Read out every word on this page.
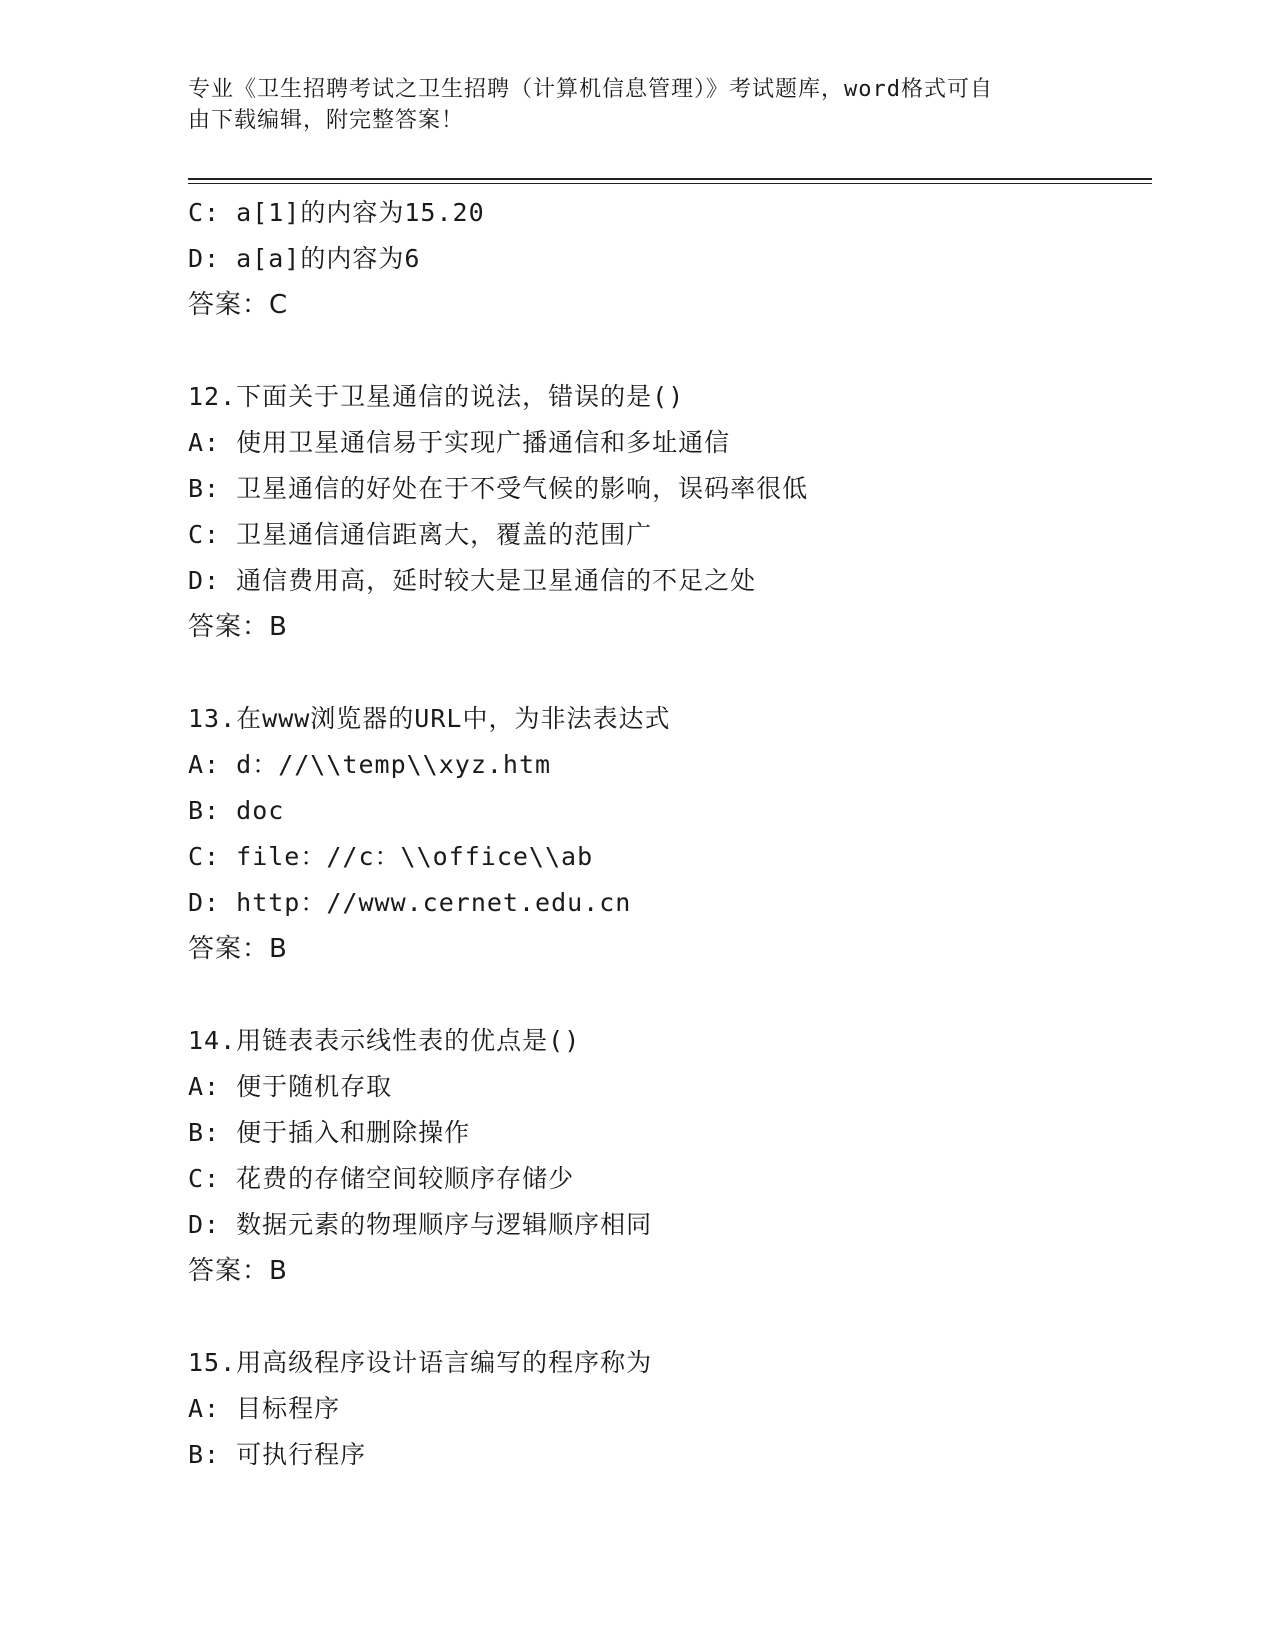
专业《卫生招聘考试之卫生招聘（计算机信息管理）》考试题库，word格式可自
由下载编辑，附完整答案！
C: a[1]的内容为15.20
D: a[a]的内容为6
答案：C
12.下面关于卫星通信的说法，错误的是()
A: 使用卫星通信易于实现广播通信和多址通信
B: 卫星通信的好处在于不受气候的影响，误码率很低
C: 卫星通信通信距离大，覆盖的范围广
D: 通信费用高，延时较大是卫星通信的不足之处
答案：B
13.在www浏览器的URL中，为非法表达式
A: d：//\\temp\\xyz.htm
B: doc
C: file：//c：\\office\\ab
D: http：//www.cernet.edu.cn
答案：B
14.用链表表示线性表的优点是()
A: 便于随机存取
B: 便于插入和删除操作
C: 花费的存储空间较顺序存储少
D: 数据元素的物理顺序与逻辑顺序相同
答案：B
15.用高级程序设计语言编写的程序称为
A: 目标程序
B: 可执行程序
